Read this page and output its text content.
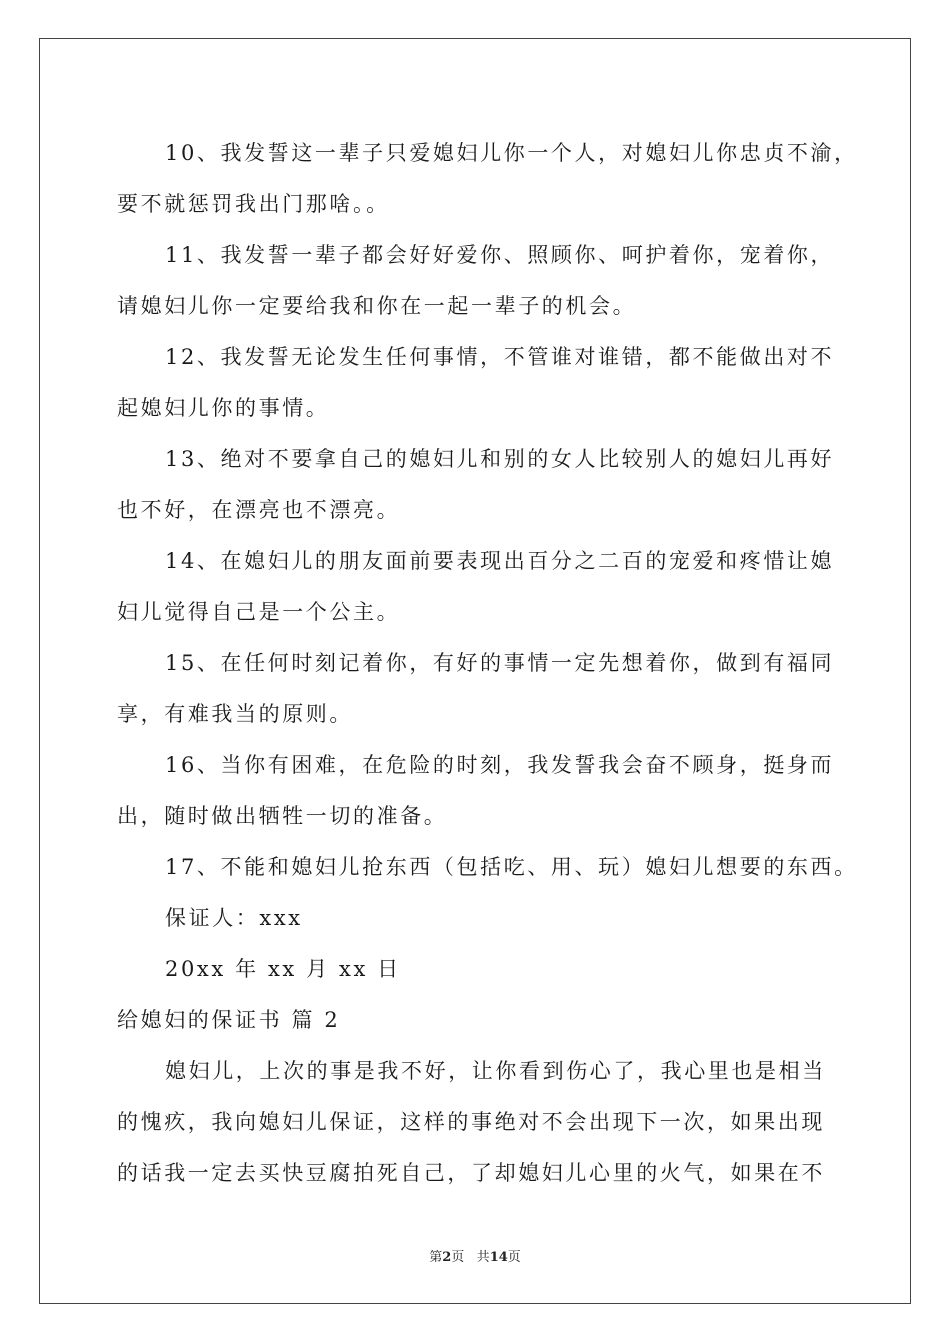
10、我发誓这一辈子只爱媳妇儿你一个人，对媳妇儿你忠贞不渝，
要不就惩罚我出门那啥。。
11、我发誓一辈子都会好好爱你、照顾你、呵护着你，宠着你，
请媳妇儿你一定要给我和你在一起一辈子的机会。
12、我发誓无论发生任何事情，不管谁对谁错，都不能做出对不
起媳妇儿你的事情。
13、绝对不要拿自己的媳妇儿和别的女人比较别人的媳妇儿再好
也不好，在漂亮也不漂亮。
14、在媳妇儿的朋友面前要表现出百分之二百的宠爱和疼惜让媳
妇儿觉得自己是一个公主。
15、在任何时刻记着你，有好的事情一定先想着你，做到有福同
享，有难我当的原则。
16、当你有困难，在危险的时刻，我发誓我会奋不顾身，挺身而
出，随时做出牺牲一切的准备。
17、不能和媳妇儿抢东西（包括吃、用、玩）媳妇儿想要的东西。
保证人：xxx
20xx 年 xx 月 xx 日
给媳妇的保证书 篇 2
媳妇儿，上次的事是我不好，让你看到伤心了，我心里也是相当
的愧疚，我向媳妇儿保证，这样的事绝对不会出现下一次，如果出现
的话我一定去买快豆腐拍死自己，了却媳妇儿心里的火气，如果在不
第2页 共14页
